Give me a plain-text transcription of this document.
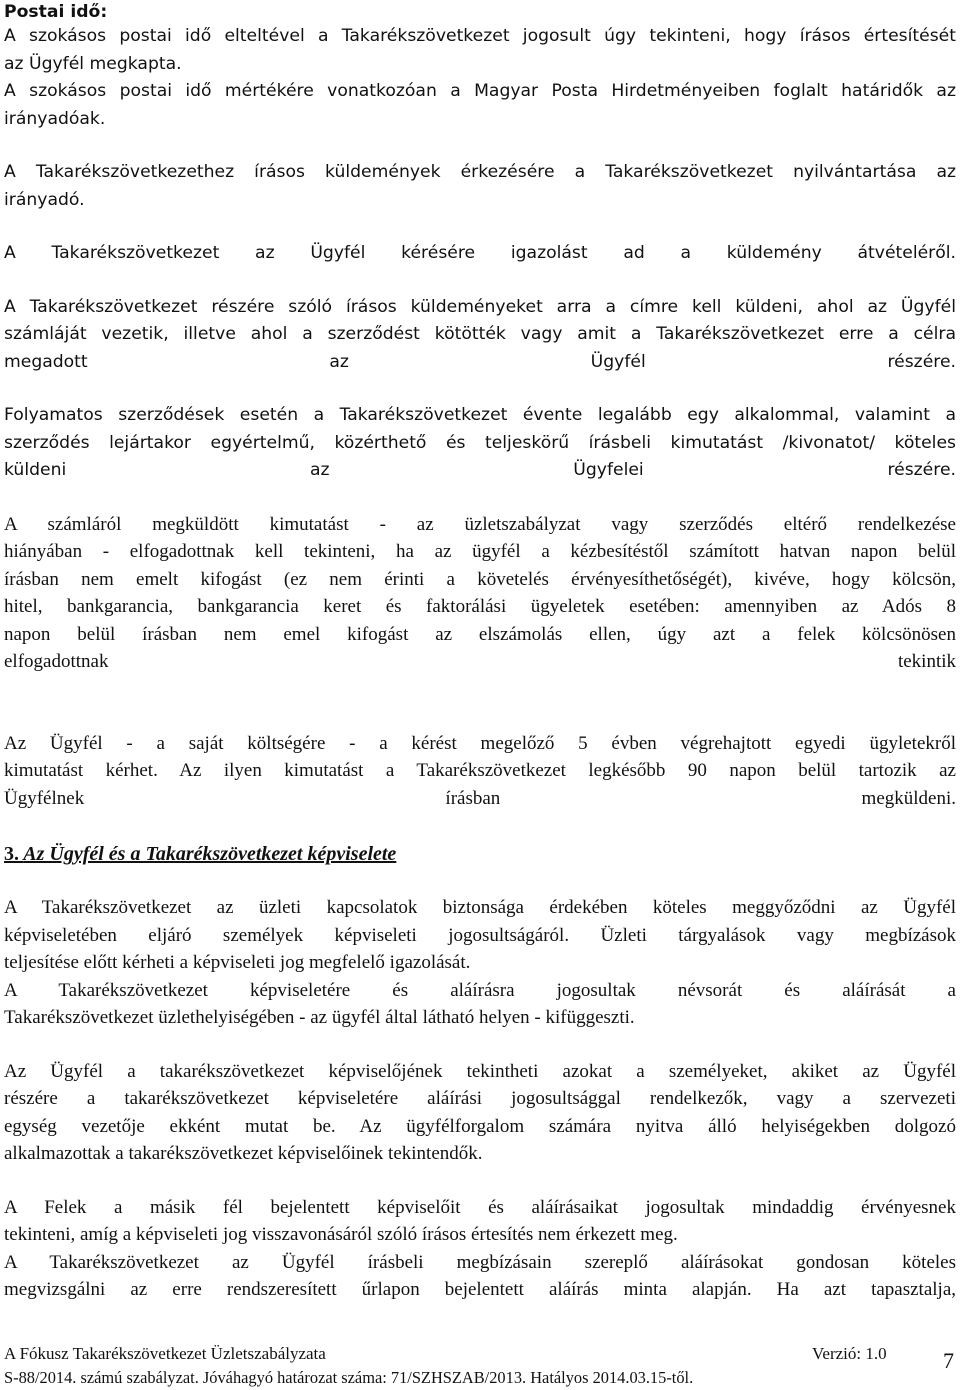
Postai idő:

A szokásos postai idő elteltével a Takarékszövetkezet jogosult úgy tekinteni, hogy írásos értesítését
az Ügyfél megkapta.
A szokásos postai idő mértékére vonatkozóan a Magyar Posta Hirdetményeiben foglalt határidők az
irányadóak.

A Takarékszövetkezethez írásos küldemények érkezésére a Takarékszövetkezet nyilvántartása az
irányadó.

A Takarékszövetkezet az Ügyfél kérésére igazolást ad a küldemény átvételéről.

A Takarékszövetkezet részére szóló írásos küldeményeket arra a címre kell küldeni, ahol az Ügyfél
számláját vezetik, illetve ahol a szerződést kötötték vagy amit a Takarékszövetkezet erre a célra
megadott az Ügyfél részére.

Folyamatos szerződések esetén a Takarékszövetkezet évente legalább egy alkalommal, valamint a
szerződés lejártakor egyértelmű, közérthető és teljeskörű írásbeli kimutatást /kivonatot/ köteles
küldeni az Ügyfelei részére.

A számláról megküldött kimutatást - az üzletszabályzat vagy szerződés eltérő rendelkezése
hiányában - elfogadottnak kell tekinteni, ha az ügyfél a kézbesítéstől számított hatvan napon belül
írásban nem emelt kifogást (ez nem érinti a követelés érvényesíthetőségét), kivéve, hogy kölcsön,
hitel, bankgarancia, bankgarancia keret és faktorálási ügyeletek esetében: amennyiben az Adós 8
napon belül írásban nem emel kifogást az elszámolás ellen, úgy azt a felek kölcsönösen
elfogadottnak tekintik

Az Ügyfél - a saját költségére - a kérést megelőző 5 évben végrehajtott egyedi ügyletekről
kimutatást kérhet. Az ilyen kimutatást a Takarékszövetkezet legkésőbb 90 napon belül tartozik az
Ügyfélnek írásban megküldeni.

3. Az Ügyfél és a Takarékszövetkezet képviselete

A Takarékszövetkezet az üzleti kapcsolatok biztonsága érdekében köteles meggyőződni az Ügyfél
képviseletében eljáró személyek képviseleti jogosultságáról. Üzleti tárgyalások vagy megbízások
teljesítése előtt kérheti a képviseleti jog megfelelő igazolását.
A Takarékszövetkezet képviseletére és aláírásra jogosultak névsorát és aláírását a
Takarékszövetkezet üzlethelyiségében - az ügyfél által látható helyen - kifüggeszti.

Az Ügyfél a takarékszövetkezet képviselőjének tekintheti azokat a személyeket, akiket az Ügyfél
részére a takarékszövetkezet képviseletére aláírási jogosultsággal rendelkezők, vagy a szervezeti
egység vezetője ekként mutat be. Az ügyfélforgalom számára nyitva álló helyiségekben dolgozó
alkalmazottak a takarékszövetkezet képviselőinek tekintendők.

A Felek a másik fél bejelentett képviselőit és aláírásaikat jogosultak mindaddig érvényesnek
tekinteni, amíg a képviseleti jog visszavonásáról szóló írásos értesítés nem érkezett meg.
A Takarékszövetkezet az Ügyfél írásbeli megbízásain szereplő aláírásokat gondosan köteles
megvizsgálni az erre rendszeresített űrlapon bejelentett aláírás minta alapján. Ha azt tapasztalja,

A Fókusz Takarékszövetkezet Üzletszabályzata	Verzió: 1.0
S-88/2014. számú szabályzat. Jóváhagyó határozat száma: 71/SZHSZAB/2013. Hatályos 2014.03.15-től.
7
